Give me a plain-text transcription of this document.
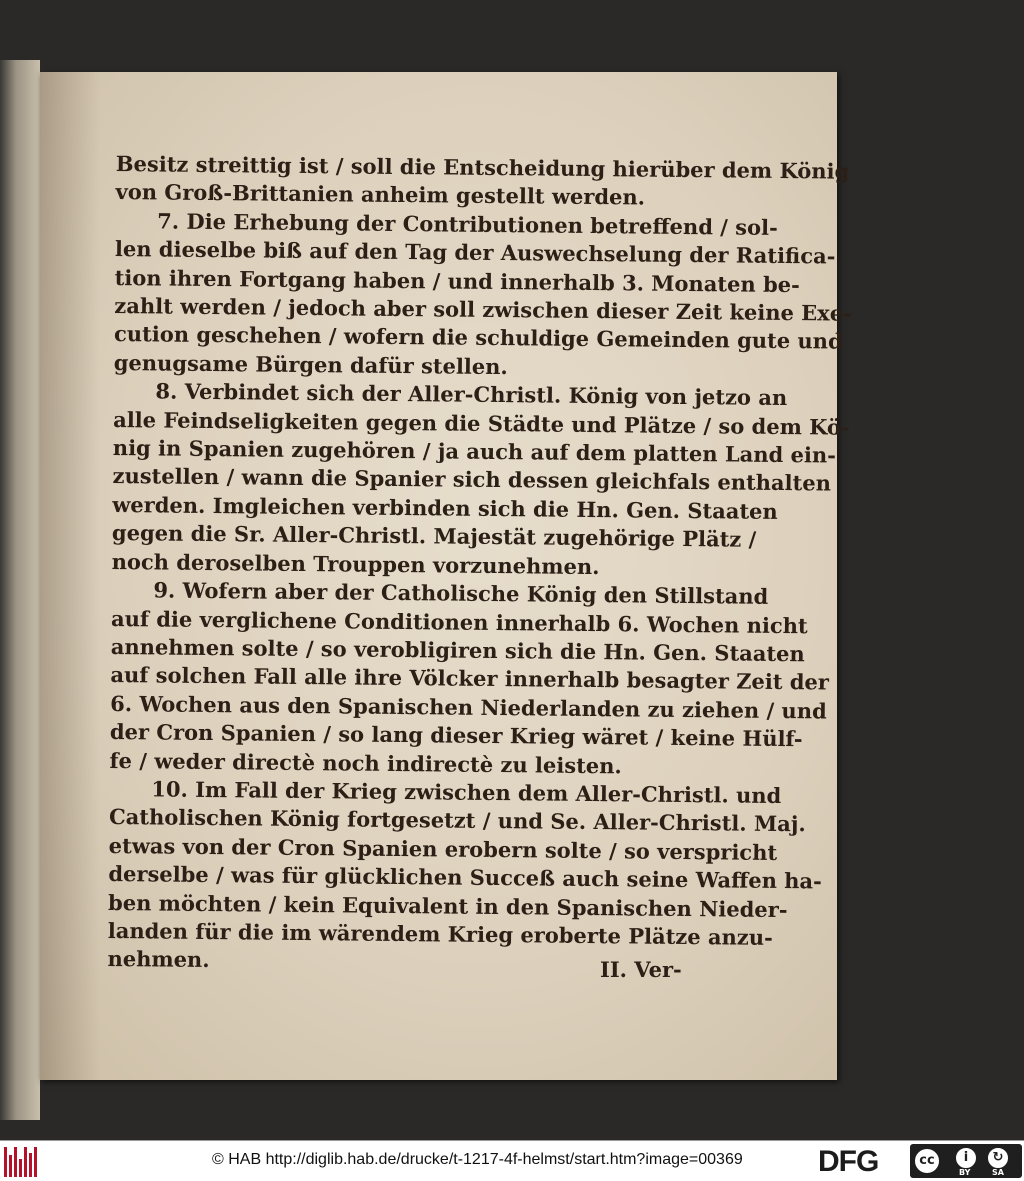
Besitz streittig ist / soll die Entscheidung hierüber dem König
von Groß-Brittanien anheim gestellt werden.
7. Die Erhebung der Contributionen betreffend / sol-
len dieselbe biß auf den Tag der Auswechselung der Ratifica-
tion ihren Fortgang haben / und innerhalb 3. Monaten be-
zahlt werden / jedoch aber soll zwischen dieser Zeit keine Exe-
cution geschehen / wofern die schuldige Gemeinden gute und
genugsame Bürgen dafür stellen.
8. Verbindet sich der Aller-Christl. König von jetzo an
alle Feindseligkeiten gegen die Städte und Plätze / so dem Kö-
nig in Spanien zugehören / ja auch auf dem platten Land ein-
zustellen / wann die Spanier sich dessen gleichfals enthalten
werden. Imgleichen verbinden sich die Hn. Gen. Staaten
gegen die Sr. Aller-Christl. Majestät zugehörige Plätz /
noch deroselben Trouppen vorzunehmen.
9. Wofern aber der Catholische König den Stillstand
auf die verglichene Conditionen innerhalb 6. Wochen nicht
annehmen solte / so verobligiren sich die Hn. Gen. Staaten
auf solchen Fall alle ihre Völcker innerhalb besagter Zeit der
6. Wochen aus den Spanischen Niederlanden zu ziehen / und
der Cron Spanien / so lang dieser Krieg wäret / keine Hülf-
fe / weder directè noch indirectè zu leisten.
10. Im Fall der Krieg zwischen dem Aller-Christl. und
Catholischen König fortgesetzt / und Se. Aller-Christl. Maj.
etwas von der Cron Spanien erobern solte / so verspricht
derselbe / was für glücklichen Succeß auch seine Waffen ha-
ben möchten / kein Equivalent in den Spanischen Nieder-
landen für die im wärendem Krieg eroberte Plätze anzu-
nehmen.	II. Ver-
© HAB http://diglib.hab.de/drucke/t-1217-4f-helmst/start.htm?image=00369	DFG	cc	i
BY
↻
SA
